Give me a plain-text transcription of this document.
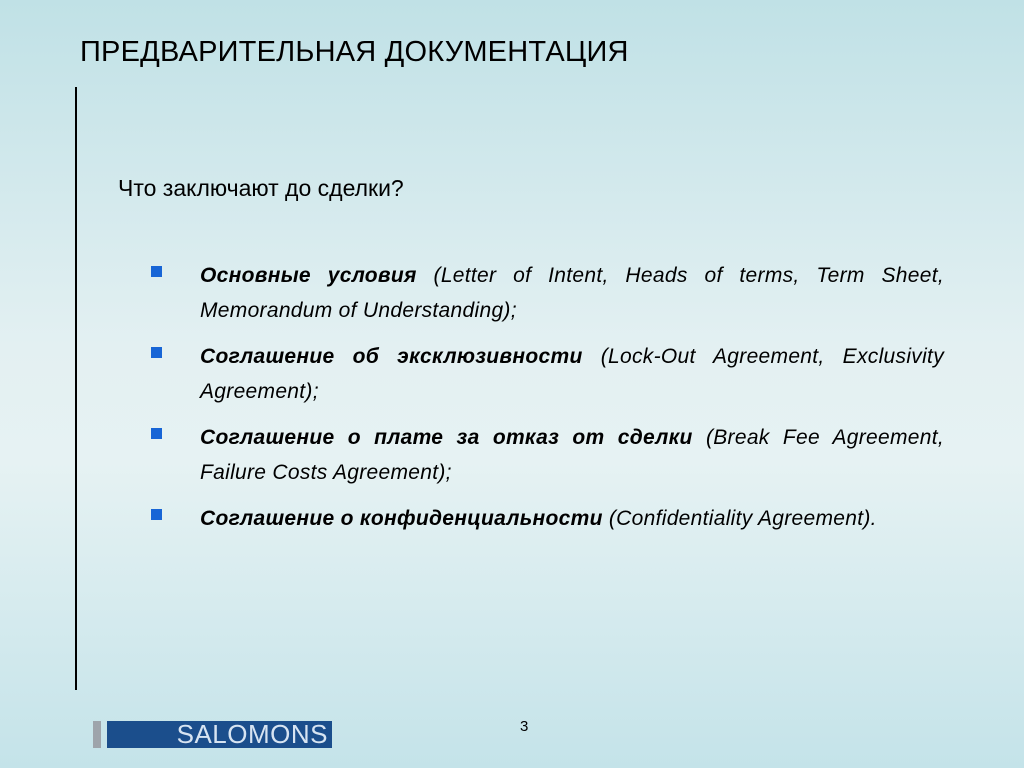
ПРЕДВАРИТЕЛЬНАЯ ДОКУМЕНТАЦИЯ
Что заключают до сделки?
Основные условия (Letter of Intent, Heads of terms, Term Sheet, Memorandum of Understanding);
Соглашение об эксклюзивности (Lock-Out Agreement, Exclusivity Agreement);
Соглашение о плате за отказ от сделки (Break Fee Agreement, Failure Costs Agreement);
Соглашение о конфиденциальности (Confidentiality Agreement).
SALOMONS	3
